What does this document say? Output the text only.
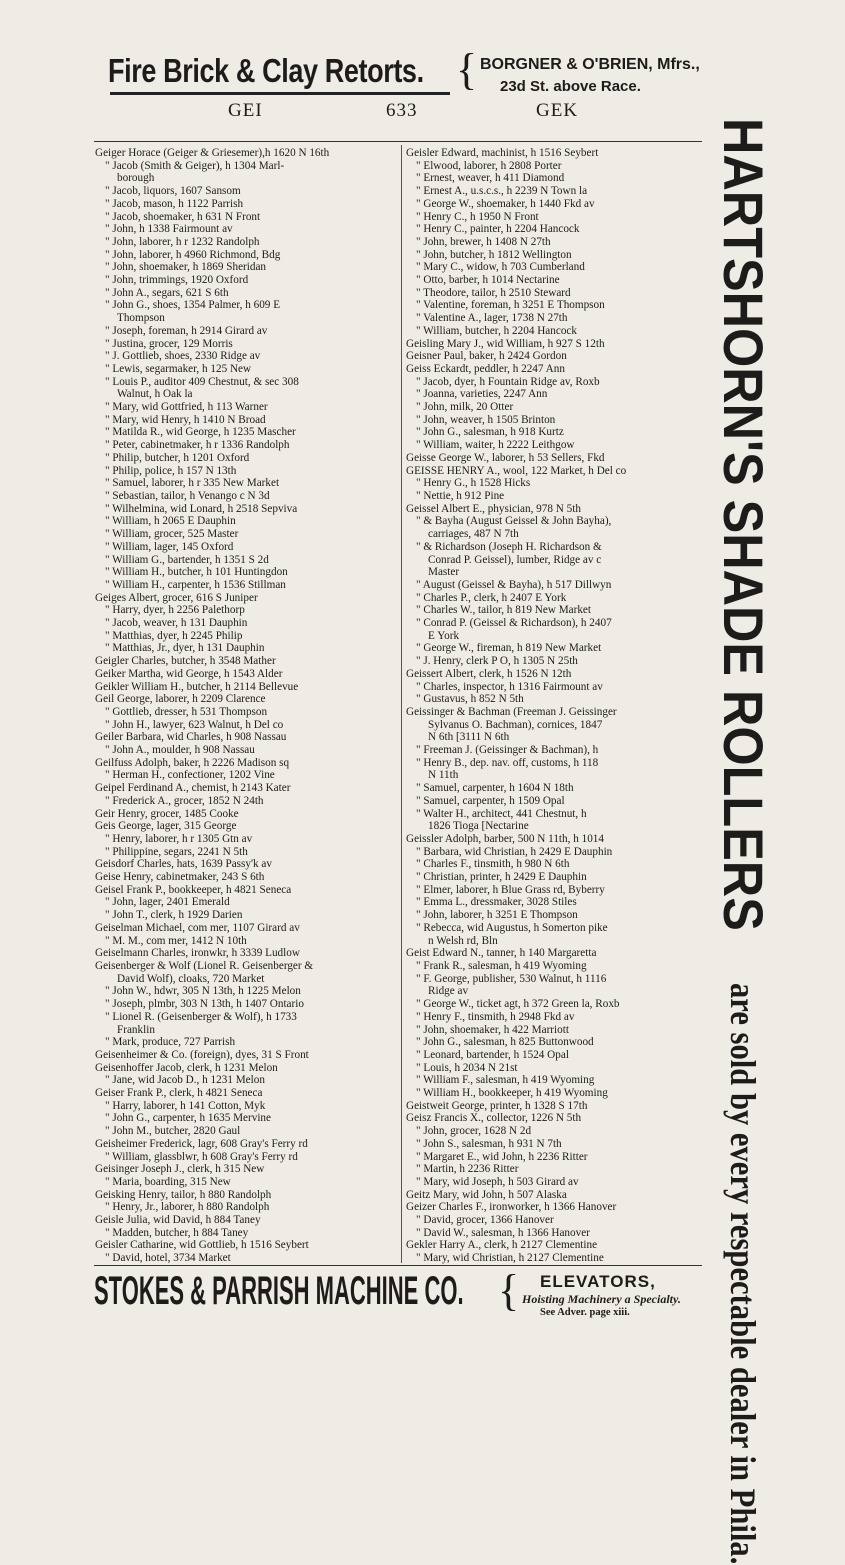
Fire Brick & Clay Retorts. { BORGNER & O'BRIEN, Mfrs.,
23d St. above Race.
GEI	633	GEK
Geiger Horace (Geiger & Griesemer),h 1620 N 16th
" Jacob (Smith & Geiger), h 1304 Marl-
borough
" Jacob, liquors, 1607 Sansom
" Jacob, mason, h 1122 Parrish
" Jacob, shoemaker, h 631 N Front
" John, h 1338 Fairmount av
" John, laborer, h r 1232 Randolph
" John, laborer, h 4960 Richmond, Bdg
" John, shoemaker, h 1869 Sheridan
" John, trimmings, 1920 Oxford
" John A., segars, 621 S 6th
" John G., shoes, 1354 Palmer, h 609 E
Thompson
" Joseph, foreman, h 2914 Girard av
" Justina, grocer, 129 Morris
" J. Gottlieb, shoes, 2330 Ridge av
" Lewis, segarmaker, h 125 New
" Louis P., auditor 409 Chestnut, & sec 308
Walnut, h Oak la
" Mary, wid Gottfried, h 113 Warner
" Mary, wid Henry, h 1410 N Broad
" Matilda R., wid George, h 1235 Mascher
" Peter, cabinetmaker, h r 1336 Randolph
" Philip, butcher, h 1201 Oxford
" Philip, police, h 157 N 13th
" Samuel, laborer, h r 335 New Market
" Sebastian, tailor, h Venango c N 3d
" Wilhelmina, wid Lonard, h 2518 Sepviva
" William, h 2065 E Dauphin
" William, grocer, 525 Master
" William, lager, 145 Oxford
" William G., bartender, h 1351 S 2d
" William H., butcher, h 101 Huntingdon
" William H., carpenter, h 1536 Stillman
Geiges Albert, grocer, 616 S Juniper
" Harry, dyer, h 2256 Palethorp
" Jacob, weaver, h 131 Dauphin
" Matthias, dyer, h 2245 Philip
" Matthias, Jr., dyer, h 131 Dauphin
Geigler Charles, butcher, h 3548 Mather
Geiker Martha, wid George, h 1543 Alder
Geikler William H., butcher, h 2114 Bellevue
Geil George, laborer, h 2209 Clarence
" Gottlieb, dresser, h 531 Thompson
" John H., lawyer, 623 Walnut, h Del co
Geiler Barbara, wid Charles, h 908 Nassau
" John A., moulder, h 908 Nassau
Geilfuss Adolph, baker, h 2226 Madison sq
" Herman H., confectioner, 1202 Vine
Geipel Ferdinand A., chemist, h 2143 Kater
" Frederick A., grocer, 1852 N 24th
Geir Henry, grocer, 1485 Cooke
Geis George, lager, 315 George
" Henry, laborer, h r 1305 Gtn av
" Philippine, segars, 2241 N 5th
Geisdorf Charles, hats, 1639 Passy'k av
Geise Henry, cabinetmaker, 243 S 6th
Geisel Frank P., bookkeeper, h 4821 Seneca
" John, lager, 2401 Emerald
" John T., clerk, h 1929 Darien
Geiselman Michael, com mer, 1107 Girard av
" M. M., com mer, 1412 N 10th
Geiselmann Charles, ironwkr, h 3339 Ludlow
Geisenberger & Wolf (Lionel R. Geisenberger &
David Wolf), cloaks, 720 Market
" John W., hdwr, 305 N 13th, h 1225 Melon
" Joseph, plmbr, 303 N 13th, h 1407 Ontario
" Lionel R. (Geisenberger & Wolf), h 1733
Franklin
" Mark, produce, 727 Parrish
Geisenheimer & Co. (foreign), dyes, 31 S Front
Geisenhoffer Jacob, clerk, h 1231 Melon
" Jane, wid Jacob D., h 1231 Melon
Geiser Frank P., clerk, h 4821 Seneca
" Harry, laborer, h 141 Cotton, Myk
" John G., carpenter, h 1635 Mervine
" John M., butcher, 2820 Gaul
Geisheimer Frederick, lagr, 608 Gray's Ferry rd
" William, glassblwr, h 608 Gray's Ferry rd
Geisinger Joseph J., clerk, h 315 New
" Maria, boarding, 315 New
Geisking Henry, tailor, h 880 Randolph
" Henry, Jr., laborer, h 880 Randolph
Geisle Julia, wid David, h 884 Taney
" Madden, butcher, h 884 Taney
Geisler Catharine, wid Gottlieb, h 1516 Seybert
" David, hotel, 3734 Market
Geisler Edward, machinist, h 1516 Seybert
" Elwood, laborer, h 2808 Porter
" Ernest, weaver, h 411 Diamond
" Ernest A., u.s.c.s., h 2239 N Town la
" George W., shoemaker, h 1440 Fkd av
" Henry C., h 1950 N Front
" Henry C., painter, h 2204 Hancock
" John, brewer, h 1408 N 27th
" John, butcher, h 1812 Wellington
" Mary C., widow, h 703 Cumberland
" Otto, barber, h 1014 Nectarine
" Theodore, tailor, h 2510 Steward
" Valentine, foreman, h 3251 E Thompson
" Valentine A., lager, 1738 N 27th
" William, butcher, h 2204 Hancock
Geisling Mary J., wid William, h 927 S 12th
Geisner Paul, baker, h 2424 Gordon
Geiss Eckardt, peddler, h 2247 Ann
" Jacob, dyer, h Fountain Ridge av, Roxb
" Joanna, varieties, 2247 Ann
" John, milk, 20 Otter
" John, weaver, h 1505 Brinton
" John G., salesman, h 918 Kurtz
" William, waiter, h 2222 Leithgow
Geisse George W., laborer, h 53 Sellers, Fkd
GEISSE HENRY A., wool, 122 Market, h Del co
" Henry G., h 1528 Hicks
" Nettie, h 912 Pine
Geissel Albert E., physician, 978 N 5th
" & Bayha (August Geissel & John Bayha),
carriages, 487 N 7th
" & Richardson (Joseph H. Richardson &
Conrad P. Geissel), lumber, Ridge av c
Master
" August (Geissel & Bayha), h 517 Dillwyn
" Charles P., clerk, h 2407 E York
" Charles W., tailor, h 819 New Market
" Conrad P. (Geissel & Richardson), h 2407
E York
" George W., fireman, h 819 New Market
" J. Henry, clerk P O, h 1305 N 25th
Geissert Albert, clerk, h 1526 N 12th
" Charles, inspector, h 1316 Fairmount av
" Gustavus, h 852 N 5th
Geissinger & Bachman (Freeman J. Geissinger
Sylvanus O. Bachman), cornices, 1847
N 6th [3111 N 6th
" Freeman J. (Geissinger & Bachman), h
" Henry B., dep. nav. off, customs, h 118
N 11th
" Samuel, carpenter, h 1604 N 18th
" Samuel, carpenter, h 1509 Opal
" Walter H., architect, 441 Chestnut, h
1826 Tioga [Nectarine
Geissler Adolph, barber, 500 N 11th, h 1014
" Barbara, wid Christian, h 2429 E Dauphin
" Charles F., tinsmith, h 980 N 6th
" Christian, printer, h 2429 E Dauphin
" Elmer, laborer, h Blue Grass rd, Byberry
" Emma L., dressmaker, 3028 Stiles
" John, laborer, h 3251 E Thompson
" Rebecca, wid Augustus, h Somerton pike
n Welsh rd, Bln
Geist Edward N., tanner, h 140 Margaretta
" Frank R., salesman, h 419 Wyoming
" F. George, publisher, 530 Walnut, h 1116
Ridge av
" George W., ticket agt, h 372 Green la, Roxb
" Henry F., tinsmith, h 2948 Fkd av
" John, shoemaker, h 422 Marriott
" John G., salesman, h 825 Buttonwood
" Leonard, bartender, h 1524 Opal
" Louis, h 2034 N 21st
" William F., salesman, h 419 Wyoming
" William H., bookkeeper, h 419 Wyoming
Geistweit George, printer, h 1328 S 17th
Geisz Francis X., collector, 1226 N 5th
" John, grocer, 1628 N 2d
" John S., salesman, h 931 N 7th
" Margaret E., wid John, h 2236 Ritter
" Martin, h 2236 Ritter
" Mary, wid Joseph, h 503 Girard av
Geitz Mary, wid John, h 507 Alaska
Geizer Charles F., ironworker, h 1366 Hanover
" David, grocer, 1366 Hanover
" David W., salesman, h 1366 Hanover
Gekler Harry A., clerk, h 2127 Clementine
" Mary, wid Christian, h 2127 Clementine
HARTSHORN'S SHADE ROLLERS
are sold by every respectable dealer in Phila.
STOKES & PARRISH MACHINE CO. { ELEVATORS,
Hoisting Machinery a Specialty.
See Adver. page xiii.
